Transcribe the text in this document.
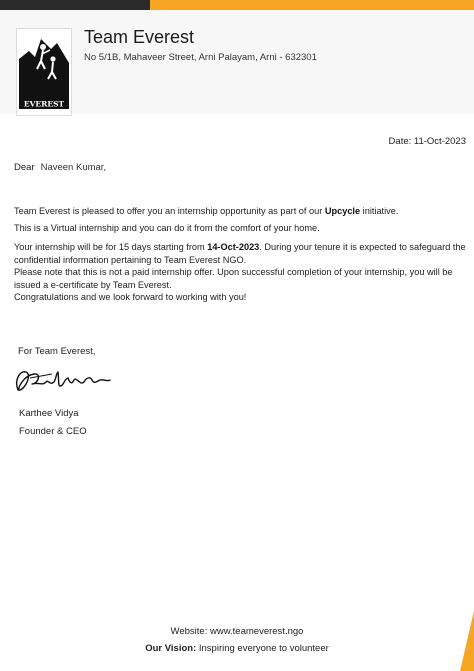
EVEREST
Team Everest
No 5/1B, Mahaveer Street, Arni Palayam, Arni - 632301
Date: 11-Oct-2023
Dear Naveen Kumar,
Team Everest is pleased to offer you an internship opportunity as part of our Upcycle initiative.
This is a Virtual internship and you can do it from the comfort of your home.
Your internship will be for 15 days starting from 14-Oct-2023. During your tenure it is expected to safeguard the confidential information pertaining to Team Everest NGO.
Please note that this is not a paid internship offer. Upon successful completion of your internship, you will be issued a e-certificate by Team Everest.
Congratulations and we look forward to working with you!
For Team Everest,
Karthee Vidya
Founder & CEO
Website: www.teameverest.ngo
Our Vision: Inspiring everyone to volunteer
